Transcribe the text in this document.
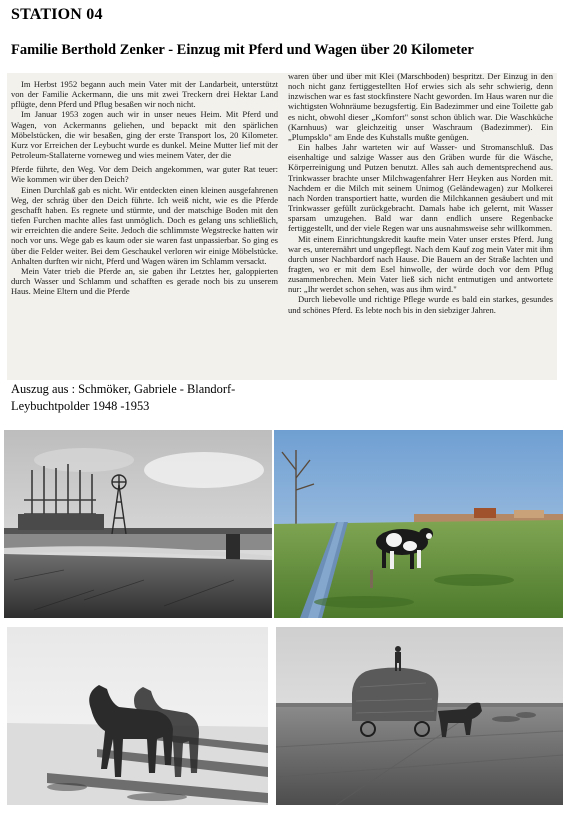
STATION 04
Familie Berthold Zenker - Einzug mit Pferd und Wagen über 20 Kilometer

Im Herbst 1952 begann auch mein Vater mit der Landarbeit, unterstützt von der Familie Ackermann, die uns mit zwei Treckern drei Hektar Land pflügte, denn Pferd und Pflug besaßen wir noch nicht.

Im Januar 1953 zogen auch wir in unser neues Heim. Mit Pferd und Wagen, von Ackermanns geliehen, und bepackt mit den spärlichen Möbelstücken, die wir besaßen, ging der erste Transport los, 20 Kilometer. Kurz vor Erreichen der Leybucht wurde es dunkel. Meine Mutter lief mit der Petroleum-Stallaterne vorneweg und wies meinem Vater, der die

Pferde führte, den Weg. Vor dem Deich angekommen, war guter Rat teuer: Wie kommen wir über den Deich?

Einen Durchlaß gab es nicht. Wir entdeckten einen kleinen ausgefahrenen Weg, der schräg über den Deich führte. Ich weiß nicht, wie es die Pferde geschafft haben. Es regnete und stürmte, und der matschige Boden mit den tiefen Furchen machte alles fast unmöglich. Doch es gelang uns schließlich, wir erreichten die andere Seite. Jedoch die schlimmste Wegstrecke hatten wir noch vor uns. Wege gab es kaum oder sie waren fast unpassierbar. So ging es über die Felder weiter. Bei dem Geschaukel verloren wir einige Möbelstücke. Anhalten durften wir nicht, Pferd und Wagen wären im Schlamm versackt.

Mein Vater trieb die Pferde an, sie gaben ihr Letztes her, galoppierten durch Wasser und Schlamm und schafften es gerade noch bis zu unserem Haus. Meine Eltern und die Pferde

waren über und über mit Klei (Marschboden) bespritzt. Der Einzug in den noch nicht ganz fertiggestellten Hof erwies sich als sehr schwierig, denn inzwischen war es fast stockfinstere Nacht geworden. Im Haus waren nur die wichtigsten Wohnräume bezugsfertig. Ein Badezimmer und eine Toilette gab es nicht, obwohl dieser „Komfort" sonst schon üblich war. Die Waschküche (Karnhuus) war gleichzeitig unser Waschraum (Badezimmer). Ein „Plumpsklo" am Ende des Kuhstalls mußte genügen.

Ein halbes Jahr warteten wir auf Wasser- und Stromanschluß. Das eisenhaltige und salzige Wasser aus den Gräben wurde für die Wäsche, Körperreinigung und Putzen benutzt. Alles sah auch dementsprechend aus. Trinkwasser brachte unser Milchwagenfahrer Herr Heyken aus Norden mit. Nachdem er die Milch mit seinem Unimog (Geländewagen) zur Molkerei nach Norden transportiert hatte, wurden die Milchkannen gesäubert und mit Trinkwasser gefüllt zurückgebracht. Damals habe ich gelernt, mit Wasser sparsam umzugehen. Bald war dann endlich unsere Regenbacke fertiggestellt, und der viele Regen war uns ausnahmsweise sehr willkommen.

Mit einem Einrichtungskredit kaufte mein Vater unser erstes Pferd. Jung war es, unterernährt und ungepflegt. Nach dem Kauf zog mein Vater mit ihm durch unser Nachbardorf nach Hause. Die Bauern an der Straße lachten und fragten, wo er mit dem Esel hinwolle, der würde doch vor dem Pflug zusammenbrechen. Mein Vater ließ sich nicht entmutigen und antwortete nur: „Ihr werdet schon sehen, was aus ihm wird."

Durch liebevolle und richtige Pflege wurde es bald ein starkes, gesundes und schönes Pferd. Es lebte noch bis in den siebziger Jahren.

Auszug aus : Schmöker, Gabriele - Blandorf-Leybuchtpolder 1948 -1953
